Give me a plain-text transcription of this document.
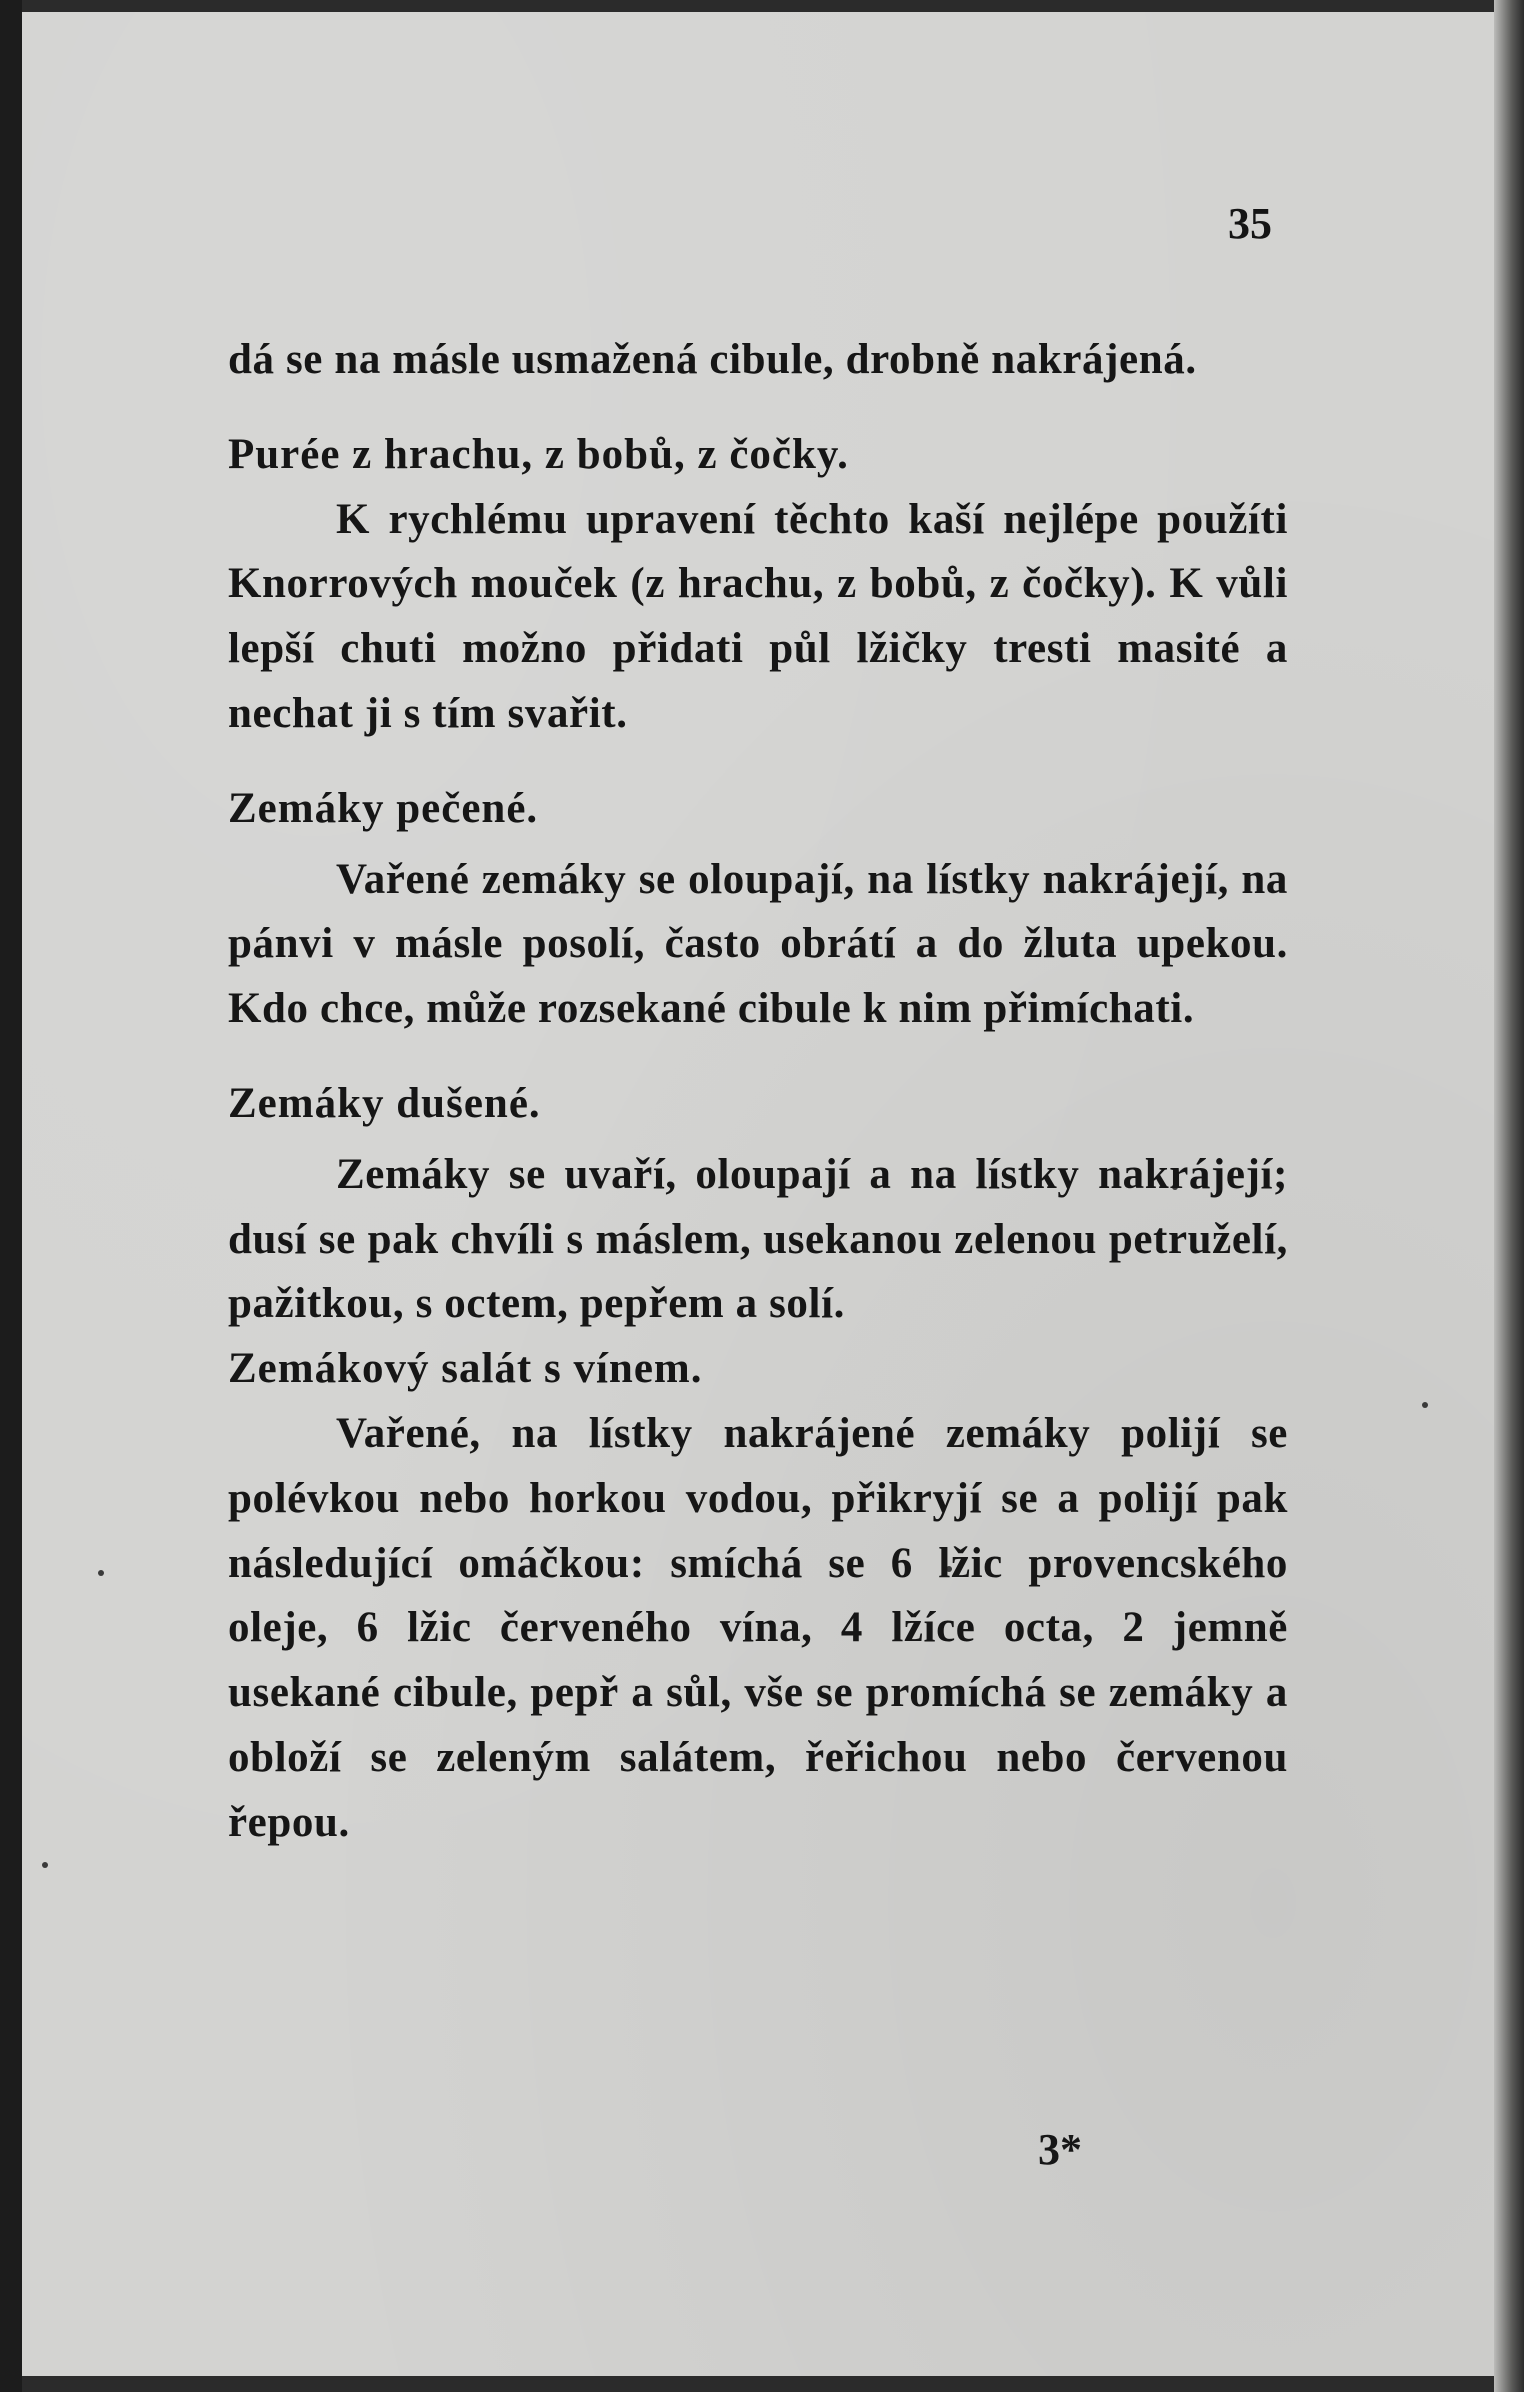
35

dá se na másle usmažená cibule, drobně nakrájená.

Purée z hrachu, z bobů, z čočky.

K rychlému upravení těchto kaší nejlépe použíti Knorrových mouček (z hrachu, z bobů, z čočky). K vůli lepší chuti možno přidati půl lžičky tresti masité a nechat ji s tím svařit.

Zemáky pečené.

Vařené zemáky se oloupají, na lístky nakrájejí, na pánvi v másle posolí, často obrátí a do žluta upekou. Kdo chce, může rozsekané cibule k nim přimíchati.

Zemáky dušené.

Zemáky se uvaří, oloupají a na lístky nakrájejí; dusí se pak chvíli s máslem, usekanou zelenou petruželí, pažitkou, s octem, pepřem a solí.

Zemákový salát s vínem.

Vařené, na lístky nakrájené zemáky polijí se polévkou nebo horkou vodou, přikryjí se a polijí pak následující omáčkou: smíchá se 6 lžic provencského oleje, 6 lžic červeného vína, 4 lžíce octa, 2 jemně usekané cibule, pepř a sůl, vše se promíchá se zemáky a obloží se zeleným salátem, řeřichou nebo červenou řepou.

3*
